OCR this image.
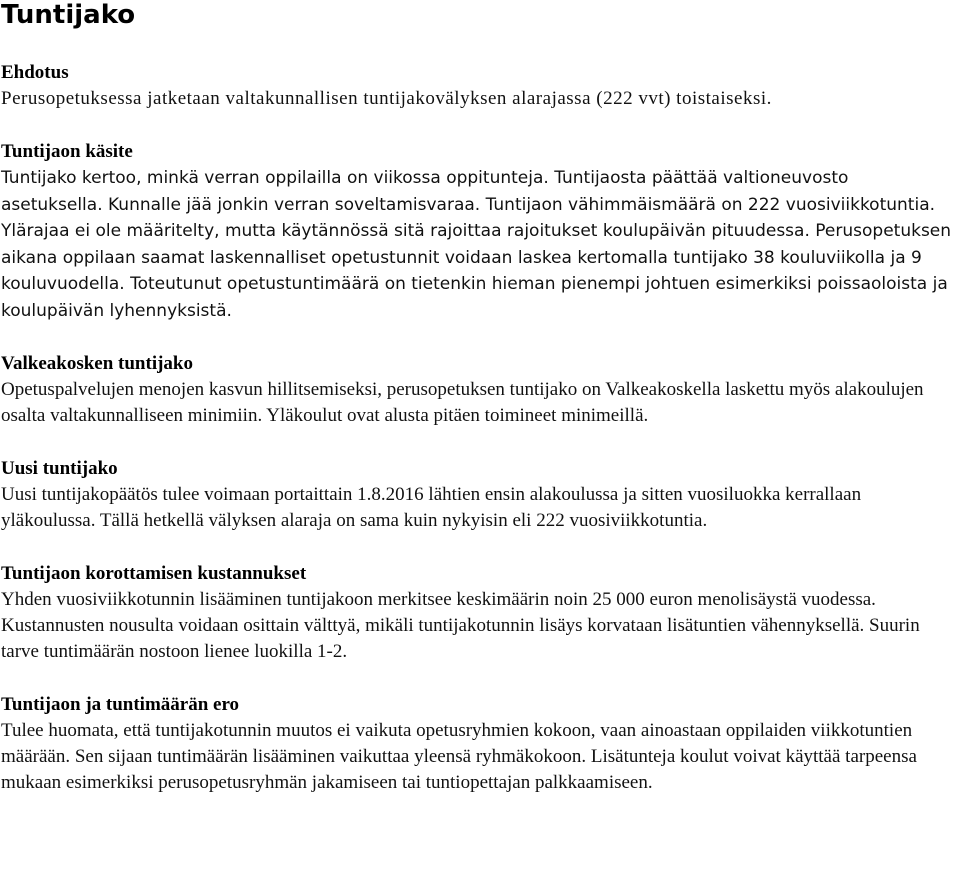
Tuntijako
Ehdotus

Perusopetuksessa jatketaan valtakunnallisen tuntijakovälyksen alarajassa (222 vvt) toistaiseksi.

Tuntijaon käsite

Tuntijako kertoo, minkä verran oppilailla on viikossa oppitunteja. Tuntijaosta päättää valtioneuvosto asetuksella. Kunnalle jää jonkin verran soveltamisvaraa. Tuntijaon vähimmäismäärä on 222 vuosiviikkotuntia. Ylärajaa ei ole määritelty, mutta käytännössä sitä rajoittaa rajoitukset koulupäivän pituudessa. Perusopetuksen aikana oppilaan saamat laskennalliset opetustunnit voidaan laskea kertomalla tuntijako 38 kouluviikolla ja 9 kouluvuodella. Toteutunut opetustuntimäärä on tietenkin hieman pienempi johtuen esimerkiksi poissaoloista ja koulupäivän lyhennyksistä.

Valkeakosken tuntijako

Opetuspalvelujen menojen kasvun hillitsemiseksi, perusopetuksen tuntijako on Valkeakoskella laskettu myös alakoulujen osalta valtakunnalliseen minimiin. Yläkoulut ovat alusta pitäen toimineet minimeillä.

Uusi tuntijako

Uusi tuntijakopäätös tulee voimaan portaittain 1.8.2016 lähtien ensin alakoulussa ja sitten vuosiluokka kerrallaan yläkoulussa. Tällä hetkellä välyksen alaraja on sama kuin nykyisin eli 222 vuosiviikkotuntia.

Tuntijaon korottamisen kustannukset

Yhden vuosiviikkotunnin lisääminen tuntijakoon merkitsee keskimäärin noin 25 000 euron menolisäystä vuodessa. Kustannusten nousulta voidaan osittain välttyä, mikäli tuntijakotunnin lisäys korvataan lisätuntien vähennyksellä. Suurin tarve tuntimäärän nostoon lienee luokilla 1-2.

Tuntijaon ja tuntimäärän ero

Tulee huomata, että tuntijakotunnin muutos ei vaikuta opetusryhmien kokoon, vaan ainoastaan oppilaiden viikkotuntien määrään. Sen sijaan tuntimäärän lisääminen vaikuttaa yleensä ryhmäkokoon. Lisätunteja koulut voivat käyttää tarpeensa mukaan esimerkiksi perusopetusryhmän jakamiseen tai tuntiopettajan palkkaamiseen.
